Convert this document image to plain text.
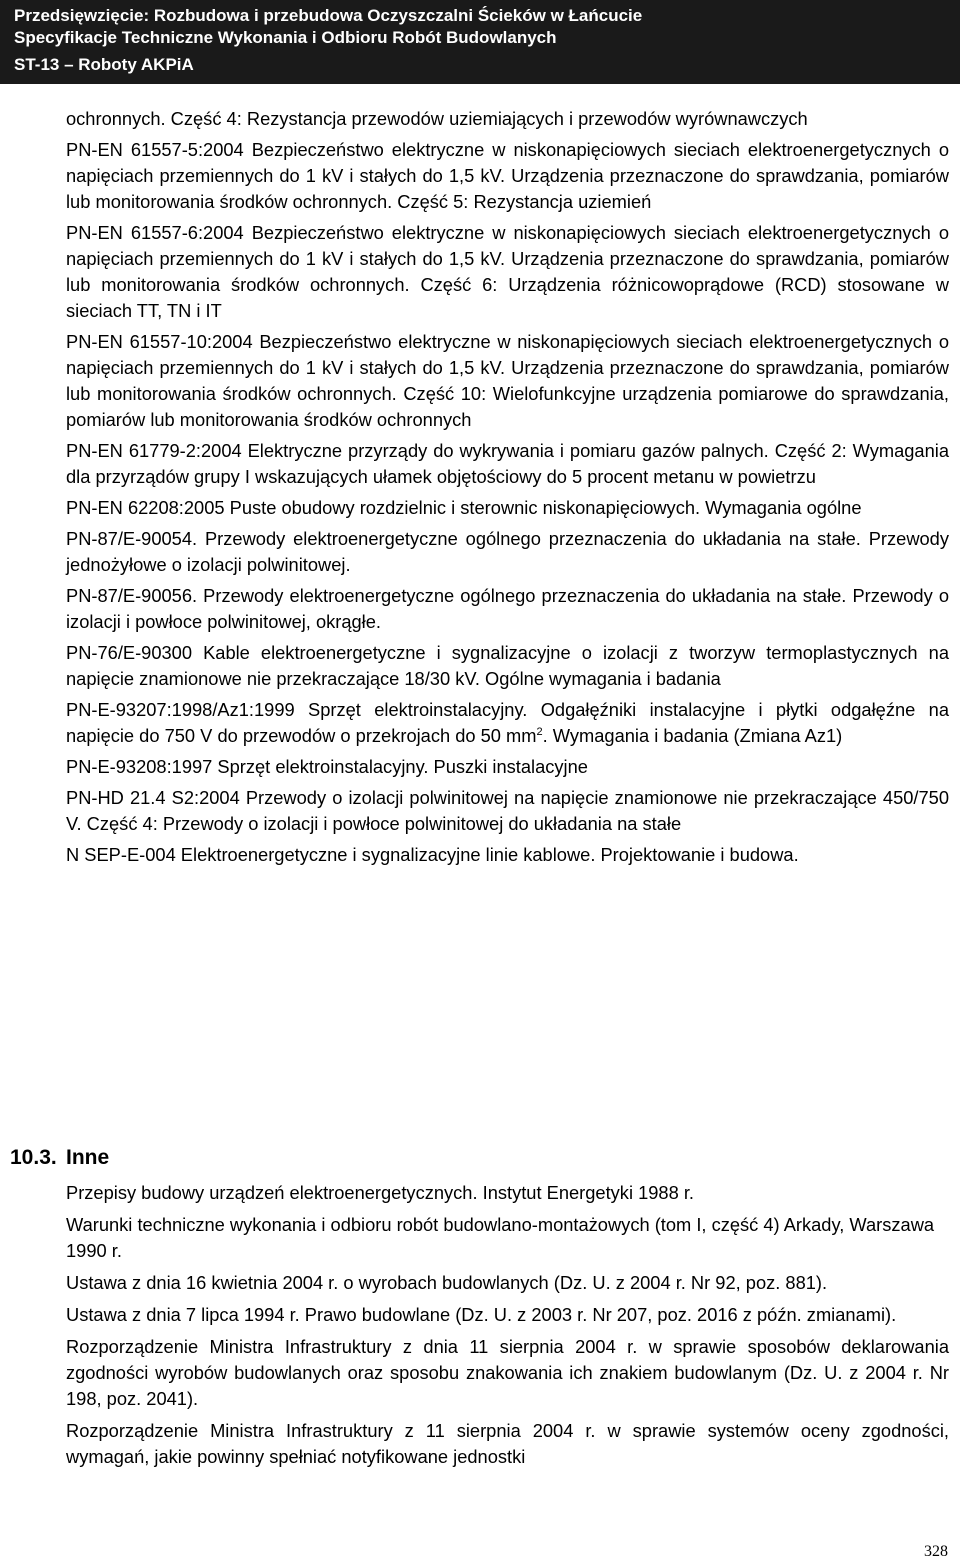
Przedsięwzięcie: Rozbudowa i przebudowa Oczyszczalni Ścieków w Łańcucie
Specyfikacje Techniczne Wykonania i Odbioru Robót Budowlanych
ST-13 – Roboty AKPiA

ochronnych. Część 4: Rezystancja przewodów uziemiających i przewodów wyrównawczych

PN-EN 61557-5:2004 Bezpieczeństwo elektryczne w niskonapięciowych sieciach elektroenergetycznych o napięciach przemiennych do 1 kV i stałych do 1,5 kV. Urządzenia przeznaczone do sprawdzania, pomiarów lub monitorowania środków ochronnych. Część 5: Rezystancja uziemień

PN-EN 61557-6:2004 Bezpieczeństwo elektryczne w niskonapięciowych sieciach elektroenergetycznych o napięciach przemiennych do 1 kV i stałych do 1,5 kV. Urządzenia przeznaczone do sprawdzania, pomiarów lub monitorowania środków ochronnych. Część 6: Urządzenia różnicowoprądowe (RCD) stosowane w sieciach TT, TN i IT

PN-EN 61557-10:2004 Bezpieczeństwo elektryczne w niskonapięciowych sieciach elektroenergetycznych o napięciach przemiennych do 1 kV i stałych do 1,5 kV. Urządzenia przeznaczone do sprawdzania, pomiarów lub monitorowania środków ochronnych. Część 10: Wielofunkcyjne urządzenia pomiarowe do sprawdzania, pomiarów lub monitorowania środków ochronnych

PN-EN 61779-2:2004 Elektryczne przyrządy do wykrywania i pomiaru gazów palnych. Część 2: Wymagania dla przyrządów grupy I wskazujących ułamek objętościowy do 5 procent metanu w powietrzu

PN-EN 62208:2005 Puste obudowy rozdzielnic i sterownic niskonapięciowych. Wymagania ogólne

PN-87/E-90054. Przewody elektroenergetyczne ogólnego przeznaczenia do układania na stałe. Przewody jednożyłowe o izolacji polwinitowej.

PN-87/E-90056. Przewody elektroenergetyczne ogólnego przeznaczenia do układania na stałe. Przewody o izolacji i powłoce polwinitowej, okrągłe.

PN-76/E-90300 Kable elektroenergetyczne i sygnalizacyjne o izolacji z tworzyw termoplastycznych na napięcie znamionowe nie przekraczające 18/30 kV. Ogólne wymagania i badania

PN-E-93207:1998/Az1:1999 Sprzęt elektroinstalacyjny. Odgałęźniki instalacyjne i płytki odgałęźne na napięcie do 750 V do przewodów o przekrojach do 50 $mm^2$. Wymagania i badania (Zmiana Az1)

PN-E-93208:1997 Sprzęt elektroinstalacyjny. Puszki instalacyjne

PN-HD 21.4 S2:2004 Przewody o izolacji polwinitowej na napięcie znamionowe nie przekraczające 450/750 V. Część 4: Przewody o izolacji i powłoce polwinitowej do układania na stałe

N SEP-E-004 Elektroenergetyczne i sygnalizacyjne linie kablowe. Projektowanie i budowa.

10.3. Inne

Przepisy budowy urządzeń elektroenergetycznych. Instytut Energetyki 1988 r.

Warunki techniczne wykonania i odbioru robót budowlano-montażowych (tom I, część 4) Arkady, Warszawa 1990 r.

Ustawa z dnia 16 kwietnia 2004 r. o wyrobach budowlanych (Dz. U. z 2004 r. Nr 92, poz. 881).

Ustawa z dnia 7 lipca 1994 r. Prawo budowlane (Dz. U. z 2003 r. Nr 207, poz. 2016 z późn. zmianami).

Rozporządzenie Ministra Infrastruktury z dnia 11 sierpnia 2004 r. w sprawie sposobów deklarowania zgodności wyrobów budowlanych oraz sposobu znakowania ich znakiem budowlanym (Dz. U. z 2004 r. Nr 198, poz. 2041).

Rozporządzenie Ministra Infrastruktury z 11 sierpnia 2004 r. w sprawie systemów oceny zgodności, wymagań, jakie powinny spełniać notyfikowane jednostki

328
